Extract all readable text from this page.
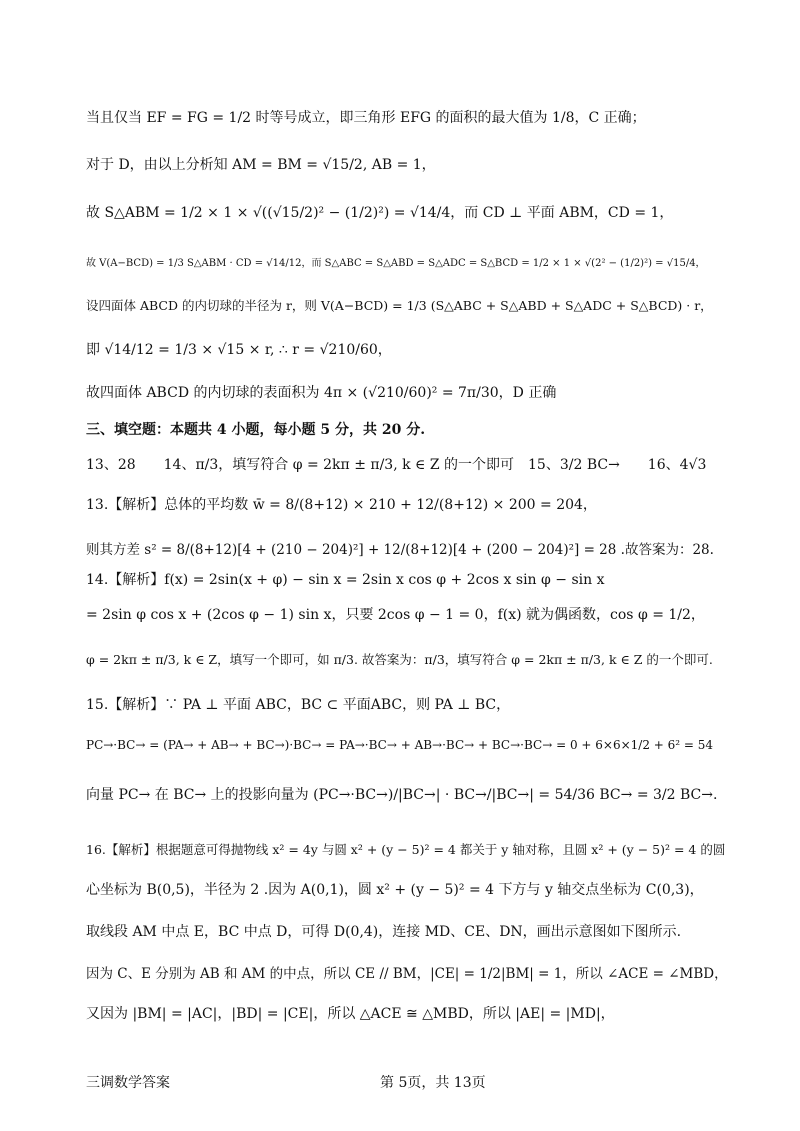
当且仅当 EF = FG = 1/2 时等号成立，即三角形 EFG 的面积的最大值为 1/8，C 正确；
对于 D，由以上分析知 AM = BM = √15/2, AB = 1，
故 S△ABM = 1/2 × 1 × √((√15/2)² − (1/2)²) = √14/4，而 CD ⊥ 平面 ABM，CD = 1，
故 V(A−BCD) = 1/3 S△ABM · CD = √14/12，而 S△ABC = S△ABD = S△ADC = S△BCD = 1/2 × 1 × √(2² − (1/2)²) = √15/4，
设四面体 ABCD 的内切球的半径为 r，则 V(A−BCD) = 1/3 (S△ABC + S△ABD + S△ADC + S△BCD) · r，
即 √14/12 = 1/3 × √15 × r, ∴ r = √210/60，
故四面体 ABCD 的内切球的表面积为 4π × (√210/60)² = 7π/30，D 正确
三、填空题：本题共 4 小题，每小题 5 分，共 20 分.
13、28　　14、π/3，填写符合 φ = 2kπ ± π/3, k ∈ Z 的一个即可　15、3/2 BC→　　16、4√3
13.【解析】总体的平均数 w̄ = 8/(8+12) × 210 + 12/(8+12) × 200 = 204，
则其方差 s² = 8/(8+12)[4 + (210 − 204)²] + 12/(8+12)[4 + (200 − 204)²] = 28 .故答案为：28.
14.【解析】f(x) = 2sin(x + φ) − sin x = 2sin x cos φ + 2cos x sin φ − sin x
= 2sin φ cos x + (2cos φ − 1) sin x，只要 2cos φ − 1 = 0，f(x) 就为偶函数，cos φ = 1/2，
φ = 2kπ ± π/3, k ∈ Z，填写一个即可，如 π/3. 故答案为：π/3，填写符合 φ = 2kπ ± π/3, k ∈ Z 的一个即可.
15.【解析】∵ PA ⊥ 平面 ABC，BC ⊂ 平面ABC，则 PA ⊥ BC，
PC→·BC→ = (PA→ + AB→ + BC→)·BC→ = PA→·BC→ + AB→·BC→ + BC→·BC→ = 0 + 6×6×1/2 + 6² = 54
向量 PC→ 在 BC→ 上的投影向量为 (PC→·BC→)/|BC→| · BC→/|BC→| = 54/36 BC→ = 3/2 BC→.
16.【解析】根据题意可得抛物线 x² = 4y 与圆 x² + (y − 5)² = 4 都关于 y 轴对称，且圆 x² + (y − 5)² = 4 的圆
心坐标为 B(0,5)，半径为 2 .因为 A(0,1)，圆 x² + (y − 5)² = 4 下方与 y 轴交点坐标为 C(0,3)，
取线段 AM 中点 E，BC 中点 D，可得 D(0,4)，连接 MD、CE、DN，画出示意图如下图所示.
因为 C、E 分别为 AB 和 AM 的中点，所以 CE // BM，|CE| = 1/2|BM| = 1，所以 ∠ACE = ∠MBD，
又因为 |BM| = |AC|，|BD| = |CE|，所以 △ACE ≅ △MBD，所以 |AE| = |MD|，
三调数学答案	第 5页，共 13页
